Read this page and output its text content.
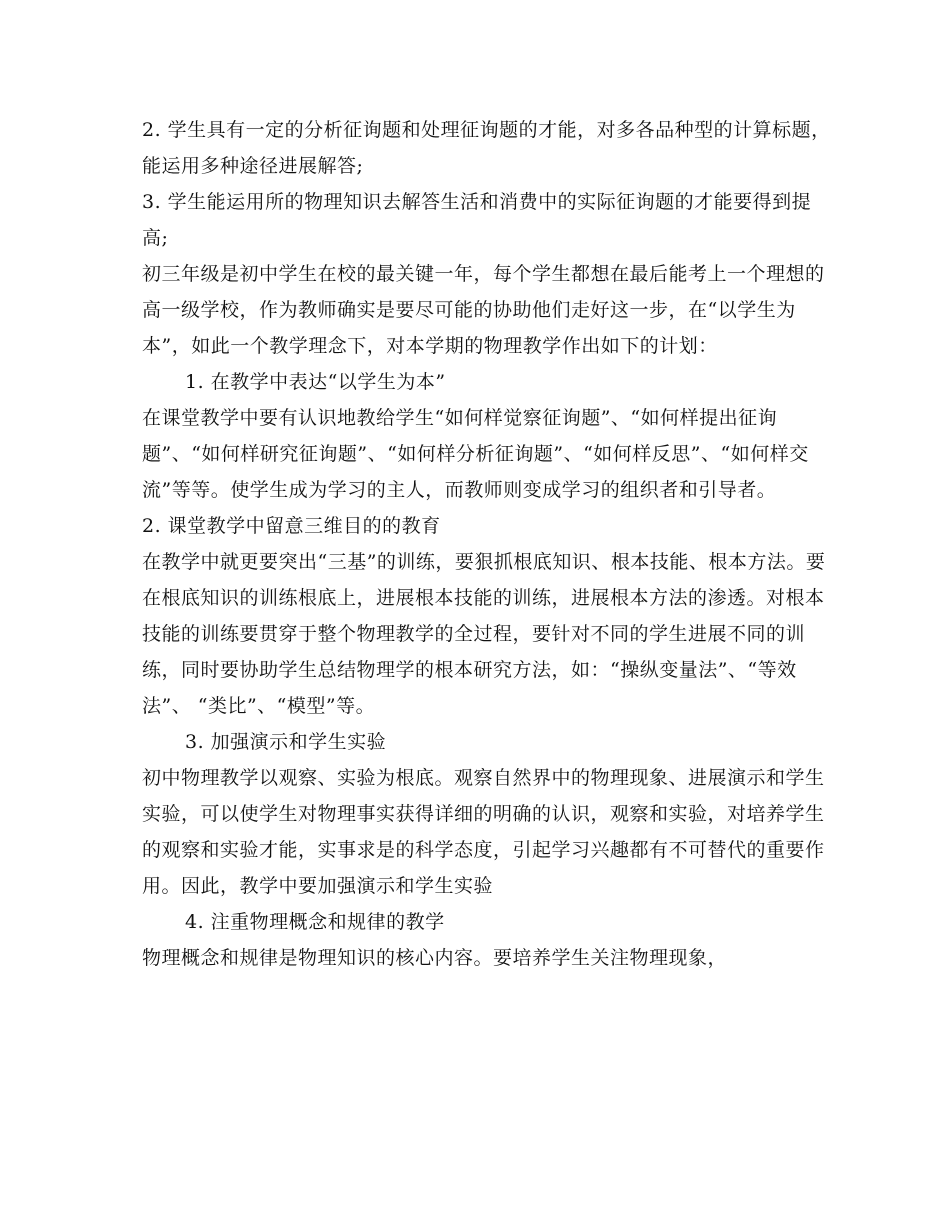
2. 学生具有一定的分析征询题和处理征询题的才能，对多各品种型的计算标题，能运用多种途径进展解答;

3. 学生能运用所的物理知识去解答生活和消费中的实际征询题的才能要得到提高;

初三年级是初中学生在校的最关键一年，每个学生都想在最后能考上一个理想的高一级学校，作为教师确实是要尽可能的协助他们走好这一步，在“以学生为本”，如此一个教学理念下，对本学期的物理教学作出如下的计划：

1. 在教学中表达“以学生为本”

在课堂教学中要有认识地教给学生“如何样觉察征询题”、“如何样提出征询题”、“如何样研究征询题”、“如何样分析征询题”、“如何样反思”、“如何样交流”等等。使学生成为学习的主人，而教师则变成学习的组织者和引导者。

2. 课堂教学中留意三维目的的教育

在教学中就更要突出“三基”的训练，要狠抓根底知识、根本技能、根本方法。要在根底知识的训练根底上，进展根本技能的训练，进展根本方法的渗透。对根本技能的训练要贯穿于整个物理教学的全过程，要针对不同的学生进展不同的训练，同时要协助学生总结物理学的根本研究方法，如：“操纵变量法”、“等效法”、 “类比”、“模型”等。

3. 加强演示和学生实验

初中物理教学以观察、实验为根底。观察自然界中的物理现象、进展演示和学生实验，可以使学生对物理事实获得详细的明确的认识，观察和实验，对培养学生的观察和实验才能，实事求是的科学态度，引起学习兴趣都有不可替代的重要作用。因此，教学中要加强演示和学生实验

4. 注重物理概念和规律的教学

物理概念和规律是物理知识的核心内容。要培养学生关注物理现象，
